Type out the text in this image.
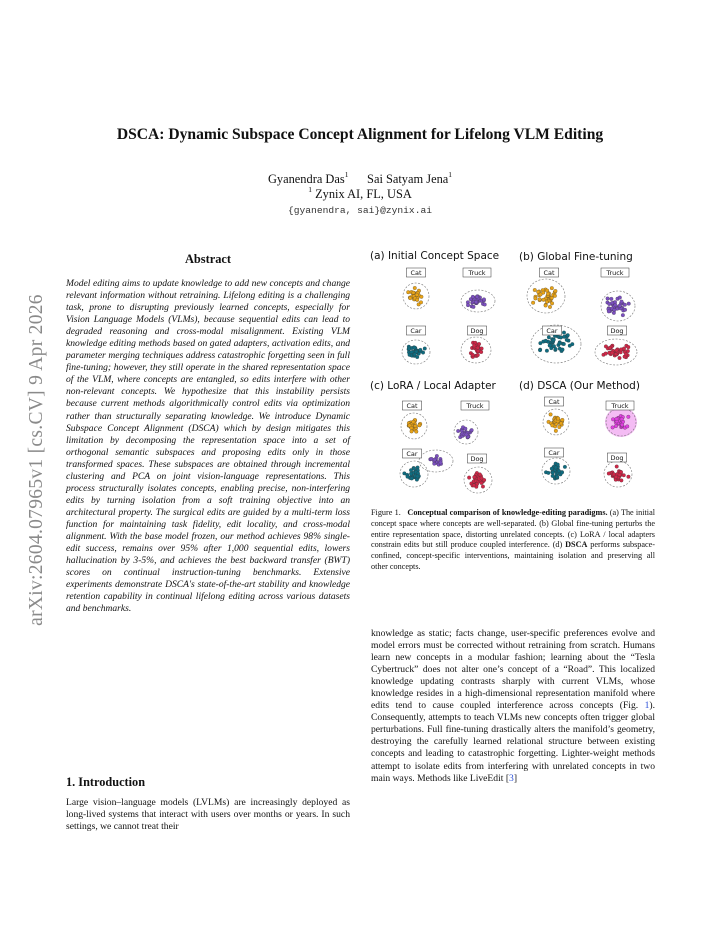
arXiv:2604.07965v1 [cs.CV] 9 Apr 2026
DSCA: Dynamic Subspace Concept Alignment for Lifelong VLM Editing
Gyanendra Das$^1$ Sai Satyam Jena$^1$
$^1$ Zynix AI, FL, USA
{gyanendra, sai}@zynix.ai
Abstract
Model editing aims to update knowledge to add new concepts and change relevant information without retraining. Lifelong editing is a challenging task, prone to disrupting previously learned concepts, especially for Vision Language Models (VLMs), because sequential edits can lead to degraded reasoning and cross-modal misalignment. Existing VLM knowledge editing methods based on gated adapters, activation edits, and parameter merging techniques address catastrophic forgetting seen in full fine-tuning; however, they still operate in the shared representation space of the VLM, where concepts are entangled, so edits interfere with other non-relevant concepts. We hypothesize that this instability persists because current methods algorithmically control edits via optimization rather than structurally separating knowledge. We introduce Dynamic Subspace Concept Alignment (DSCA) which by design mitigates this limitation by decomposing the representation space into a set of orthogonal semantic subspaces and proposing edits only in those transformed spaces. These subspaces are obtained through incremental clustering and PCA on joint vision-language representations. This process structurally isolates concepts, enabling precise, non-interfering edits by turning isolation from a soft training objective into an architectural property. The surgical edits are guided by a multi-term loss function for maintaining task fidelity, edit locality, and cross-modal alignment. With the base model frozen, our method achieves 98% single-edit success, remains over 95% after 1,000 sequential edits, lowers hallucination by 3-5%, and achieves the best backward transfer (BWT) scores on continual instruction-tuning benchmarks. Extensive experiments demonstrate DSCA's state-of-the-art stability and knowledge retention capability in continual lifelong editing across various datasets and benchmarks.
1. Introduction
Large vision–language models (LVLMs) are increasingly deployed as long-lived systems that interact with users over months or years. In such settings, we cannot treat their
(a) Initial Concept Space (b) Global Fine-tuning
(c) LoRA / Local Adapter (d) DSCA (Our Method)
Cat	Truck
Car	Dog
Cat	Truck
Car	Dog
Cat	Truck
Car
Dog
Cat	Truck
Car
Dog
Figure 1. Conceptual comparison of knowledge-editing paradigms. (a) The initial concept space where concepts are well-separated. (b) Global fine-tuning perturbs the entire representation space, distorting unrelated concepts. (c) LoRA / local adapters constrain edits but still produce coupled interference. (d) DSCA performs subspace-confined, concept-specific interventions, maintaining isolation and preserving all other concepts.
knowledge as static; facts change, user-specific preferences evolve and model errors must be corrected without retraining from scratch. Humans learn new concepts in a modular fashion; learning about the “Tesla Cybertruck” does not alter one’s concept of a “Road”. This localized knowledge updating contrasts sharply with current VLMs, whose knowledge resides in a high-dimensional representation manifold where edits tend to cause coupled interference across concepts (Fig. 1). Consequently, attempts to teach VLMs new concepts often trigger global perturbations. Full fine-tuning drastically alters the manifold’s geometry, destroying the carefully learned relational structure between existing concepts and leading to catastrophic forgetting. Lighter-weight methods attempt to isolate edits from interfering with unrelated concepts in two main ways. Methods like LiveEdit [3]
